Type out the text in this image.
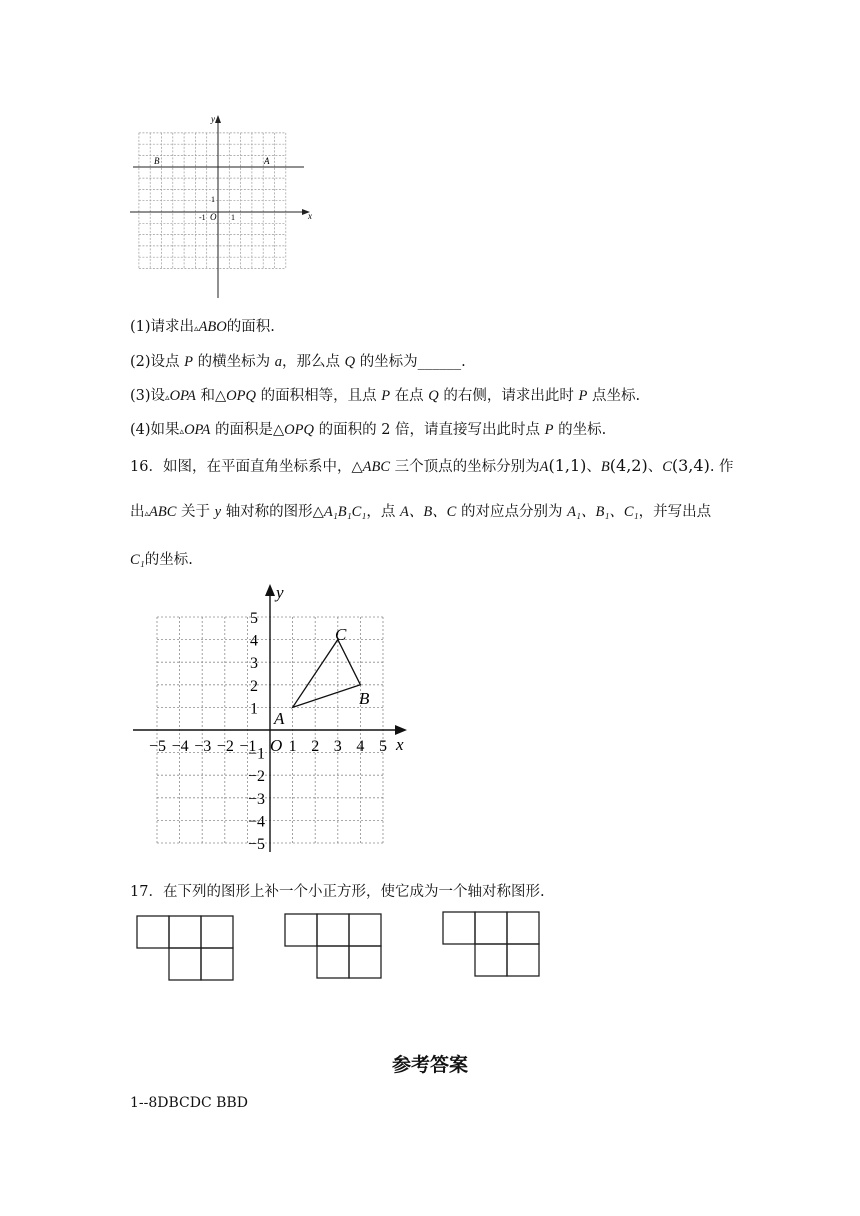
y
x
B	A
O
-1	1
1
(1)请求出▵ABO的面积.
(2)设点 P 的横坐标为 a，那么点 Q 的坐标为______.
(3)设▵OPA 和△OPQ 的面积相等，且点 P 在点 Q 的右侧，请求出此时 P 点坐标.
(4)如果▵OPA 的面积是△OPQ 的面积的 2 倍，请直接写出此时点 P 的坐标.
16．如图，在平面直角坐标系中，△ABC 三个顶点的坐标分别为A(1,1)、B(4,2)、C(3,4). 作
出▵ABC 关于 y 轴对称的图形△A₁B₁C₁，点 A、B、C 的对应点分别为 A₁、B₁、C₁，并写出点
C₁的坐标.
−5 −4 −3 −2 −1 1 2 3 4 5
1
2
3
4
5
−1
−2
−3
−4
−5
x
y
O
A
B
C
17．在下列的图形上补一个小正方形，使它成为一个轴对称图形.
参考答案
1--8DBCDC BBD
